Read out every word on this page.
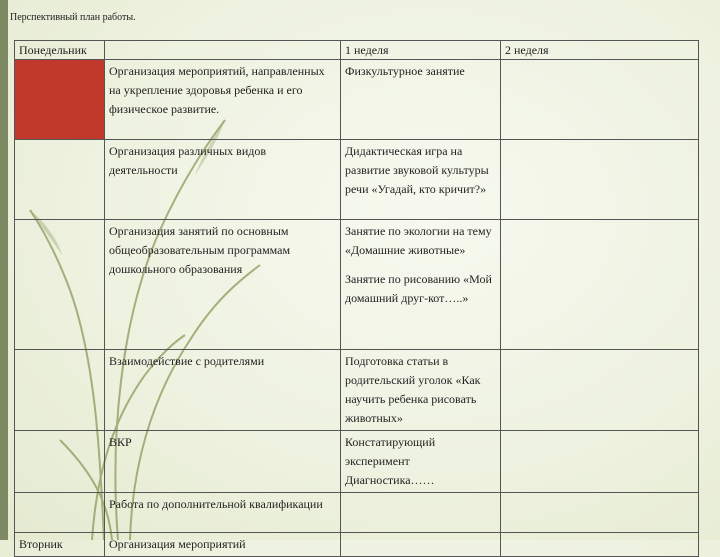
Перспективный план работы.
Понедельник		1 неделя	2 неделя
	Организация мероприятий, направленных на укрепление здоровья ребенка и его физическое развитие.	Физкультурное занятие	
	Организация различных видов деятельности	Дидактическая игра на развитие звуковой культуры речи «Угадай, кто кричит?»	
	Организация занятий по основным общеобразовательным программам дошкольного образования	Занятие по экологии на тему «Домашние животные»
Занятие по рисованию «Мой домашний друг-кот…..»	
	Взаимодействие с родителями	Подготовка статьи в родительский уголок «Как научить ребенка рисовать животных»	
	ВКР	Констатирующий эксперимент Диагностика……	
	Работа по дополнительной квалификации		
Вторник	Организация мероприятий		
